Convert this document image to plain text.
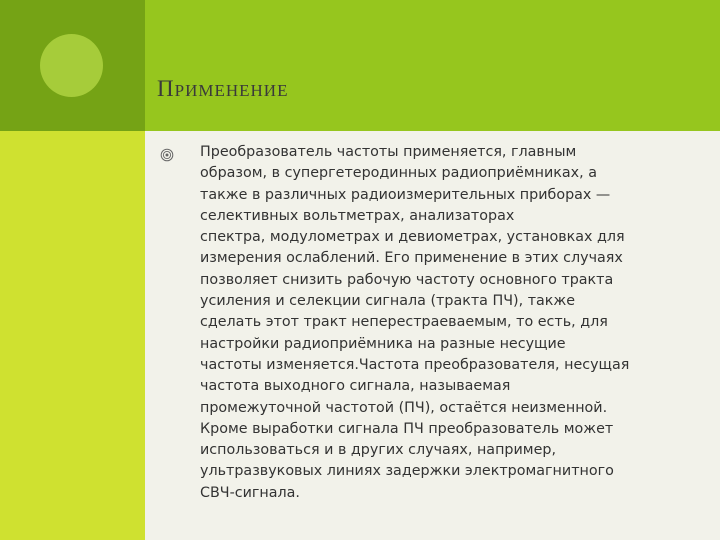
ПРИМЕНЕНИЕ
Преобразователь частоты применяется, главным
образом, в супергетеродинных радиоприёмниках, а
также в различных радиоизмерительных приборах —
селективных вольтметрах, анализаторах
спектра, модулометрах и девиометрах, установках для
измерения ослаблений. Его применение в этих случаях
позволяет снизить рабочую частоту основного тракта
усиления и селекции сигнала (тракта ПЧ), также
сделать этот тракт неперестраеваемым, то есть, для
настройки радиоприёмника на разные несущие
частоты изменяется.Частота преобразователя, несущая
частота выходного сигнала, называемая
промежуточной частотой (ПЧ), остаётся неизменной.
Кроме выработки сигнала ПЧ преобразователь может
использоваться и в других случаях, например,
ультразвуковых линиях задержки электромагнитного
СВЧ-сигнала.
